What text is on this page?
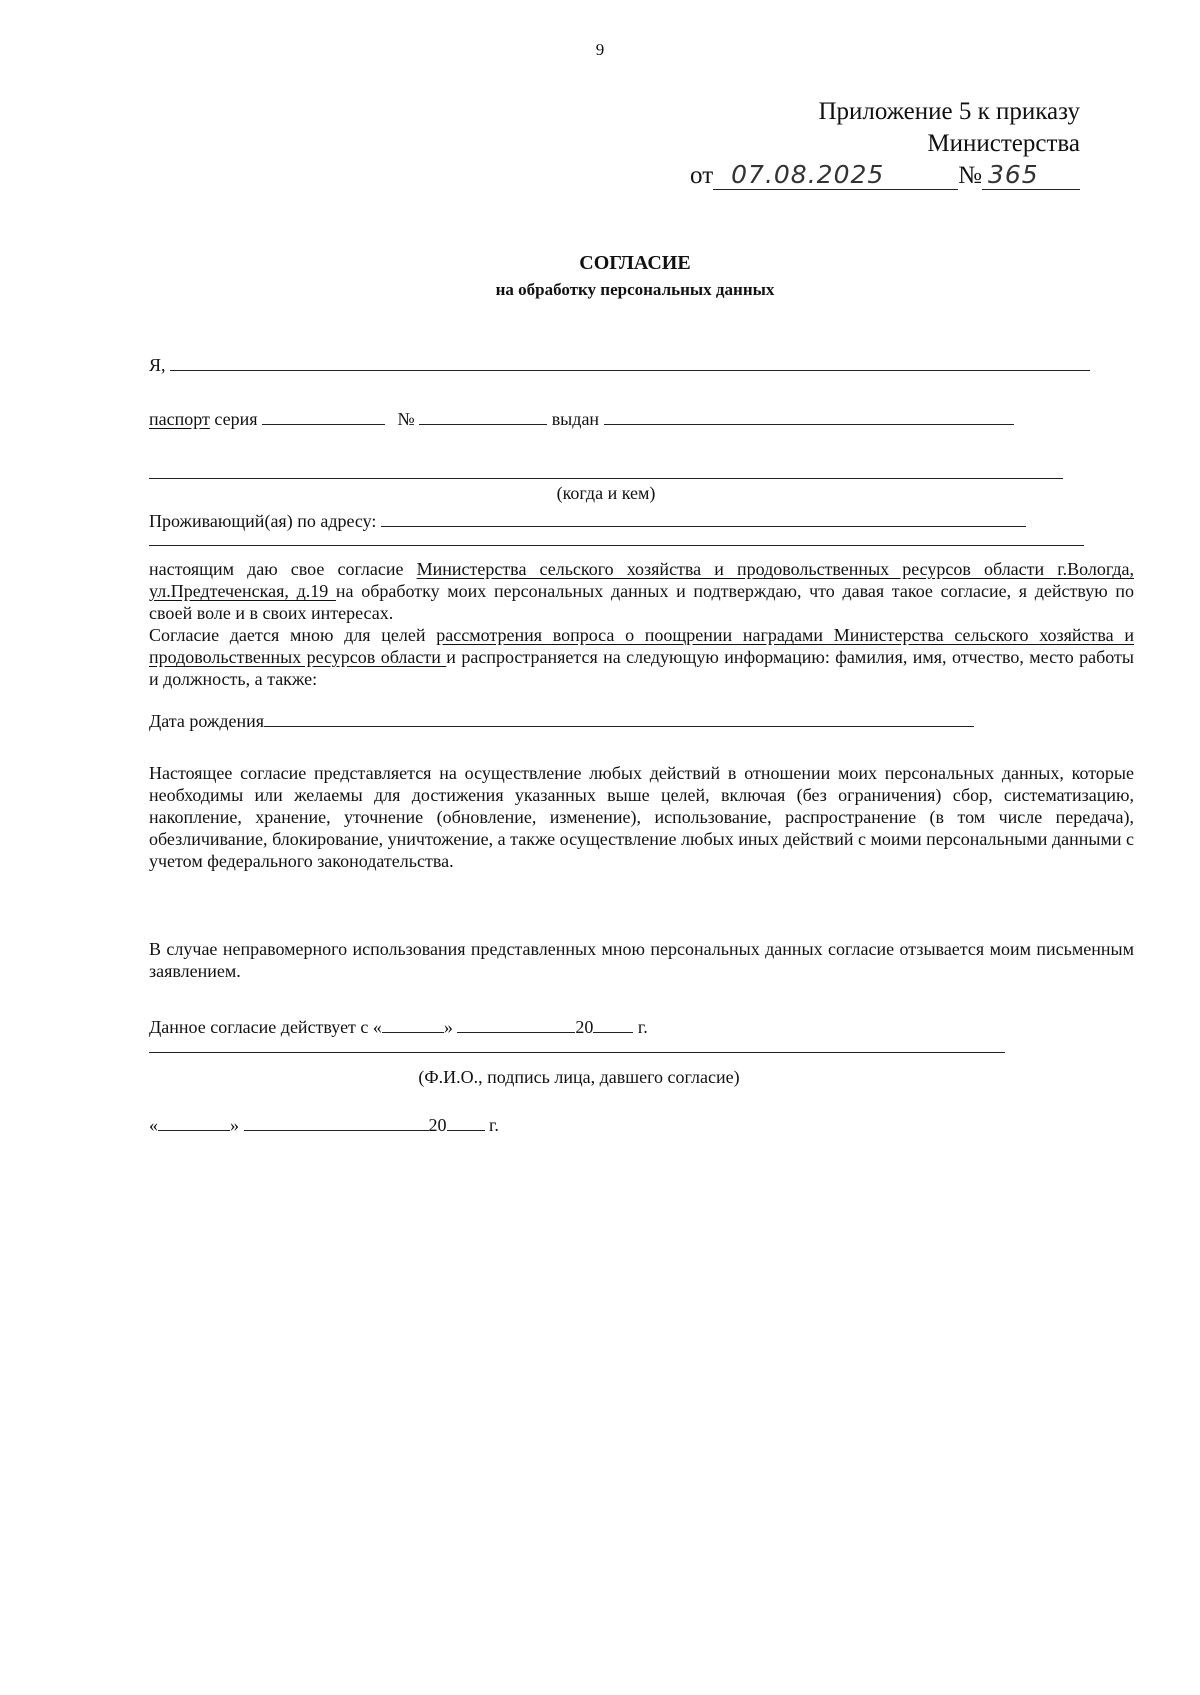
9
Приложение 5 к приказу
Министерства
от 07.08.2025	№ 365
СОГЛАСИЕ
на обработку персональных данных
Я,
паспорт серия	№	выдан
(когда и кем)
Проживающий(ая) по адресу:
настоящим даю свое согласие Министерства сельского хозяйства и продовольственных ресурсов области г.Вологда, ул.Предтеченская, д.19 на обработку моих персональных данных и подтверждаю, что давая такое согласие, я действую по своей воле и в своих интересах.
Согласие дается мною для целей рассмотрения вопроса о поощрении наградами Министерства сельского хозяйства и продовольственных ресурсов области и распространяется на следующую информацию: фамилия, имя, отчество, место работы и должность, а также:
Дата рождения
Настоящее согласие представляется на осуществление любых действий в отношении моих персональных данных, которые необходимы или желаемы для достижения указанных выше целей, включая (без ограничения) сбор, систематизацию, накопление, хранение, уточнение (обновление, изменение), использование, распространение (в том числе передача), обезличивание, блокирование, уничтожение, а также осуществление любых иных действий с моими персональными данными с учетом федерального законодательства.
В случае неправомерного использования представленных мною персональных данных согласие отзывается моим письменным заявлением.
Данное согласие действует с «	»	20 г.
(Ф.И.О., подпись лица, давшего согласие)
«	»	20 г.
